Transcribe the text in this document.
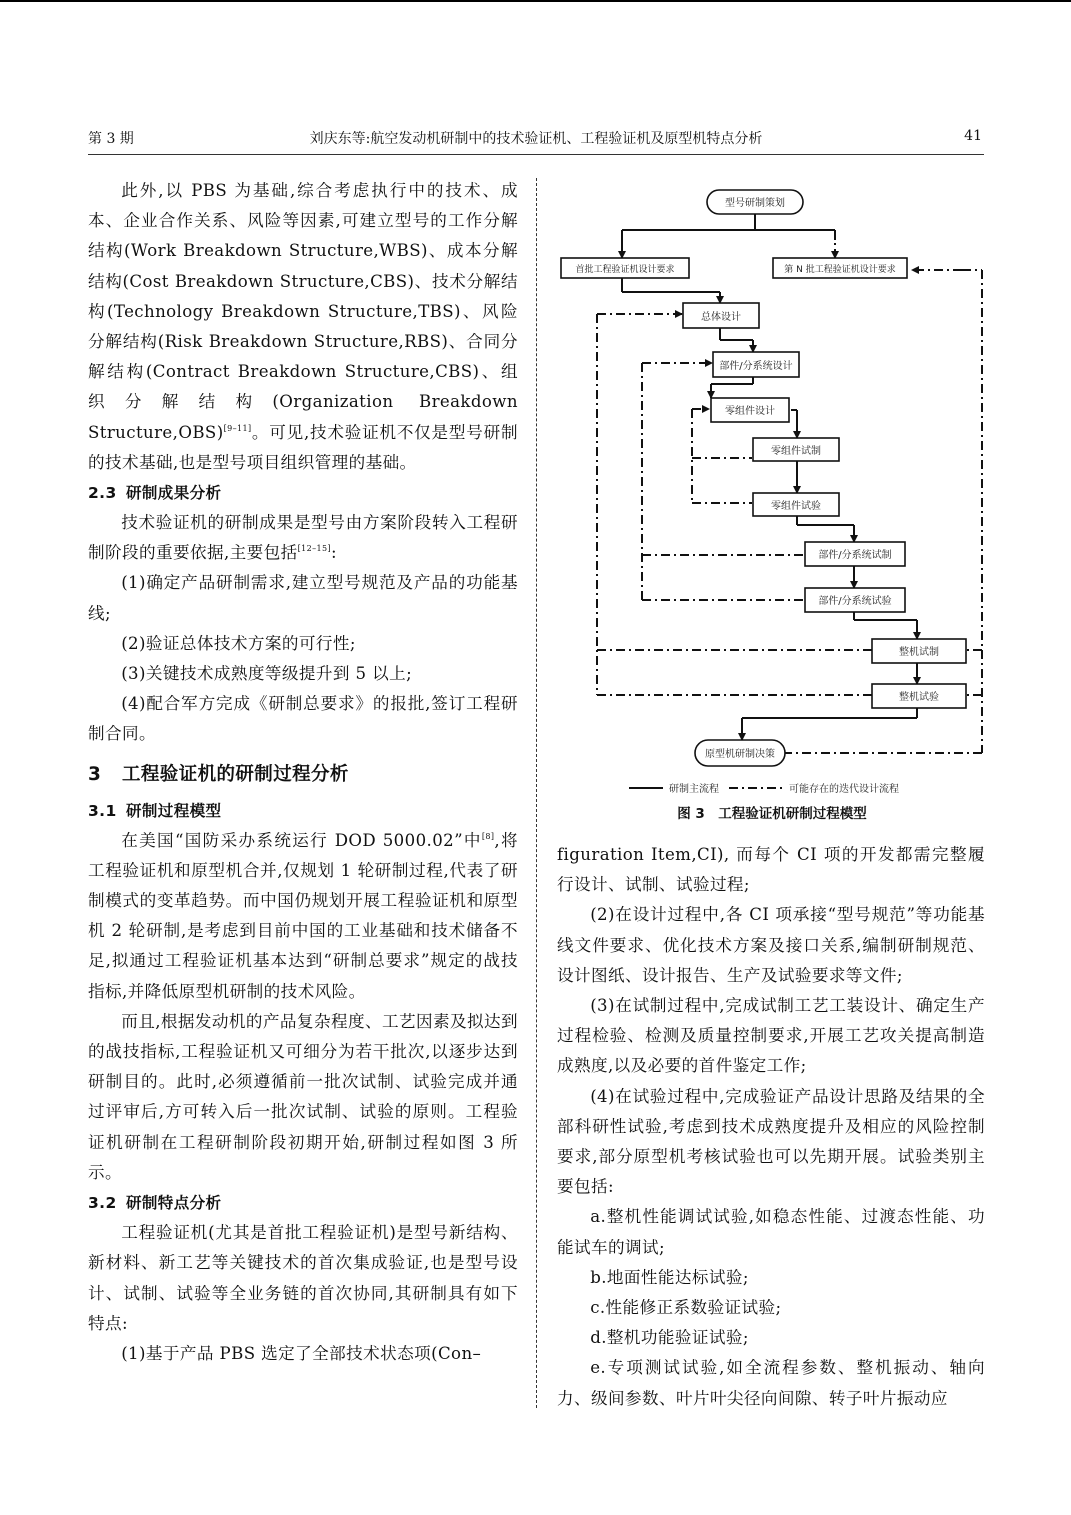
第 3 期	刘庆东等:航空发动机研制中的技术验证机、工程验证机及原型机特点分析	41

此外,以 PBS 为基础,综合考虑执行中的技术、成本、企业合作关系、风险等因素,可建立型号的工作分解结构(Work Breakdown Structure,WBS)、成本分解结构(Cost Breakdown Structure,CBS)、技术分解结构(Technology Breakdown Structure,TBS)、风险分解结构(Risk Breakdown Structure,RBS)、合同分解结构(Contract Breakdown Structure,CBS)、组织分解结构(Organization Breakdown Structure,OBS)[9–11]。可见,技术验证机不仅是型号研制的技术基础,也是型号项目组织管理的基础。

2.3 研制成果分析

技术验证机的研制成果是型号由方案阶段转入工程研制阶段的重要依据,主要包括[12–15]:

(1)确定产品研制需求,建立型号规范及产品的功能基线;

(2)验证总体技术方案的可行性;

(3)关键技术成熟度等级提升到 5 以上;

(4)配合军方完成《研制总要求》的报批,签订工程研制合同。

3 工程验证机的研制过程分析
3.1 研制过程模型

在美国“国防采办系统运行 DOD 5000.02”中[8],将工程验证机和原型机合并,仅规划 1 轮研制过程,代表了研制模式的变革趋势。而中国仍规划开展工程验证机和原型机 2 轮研制,是考虑到目前中国的工业基础和技术储备不足,拟通过工程验证机基本达到“研制总要求”规定的战技指标,并降低原型机研制的技术风险。

而且,根据发动机的产品复杂程度、工艺因素及拟达到的战技指标,工程验证机又可细分为若干批次,以逐步达到研制目的。此时,必须遵循前一批次试制、试验完成并通过评审后,方可转入后一批次试制、试验的原则。工程验证机研制在工程研制阶段初期开始,研制过程如图 3 所示。

3.2 研制特点分析

工程验证机(尤其是首批工程验证机)是型号新结构、新材料、新工艺等关键技术的首次集成验证,也是型号设计、试制、试验等全业务链的首次协同,其研制具有如下特点:

(1)基于产品 PBS 选定了全部技术状态项(Con–

型号研制策划
首批工程验证机设计要求	第 N 批工程验证机设计要求
总体设计
部件/分系统设计
零组件设计
零组件试制
零组件试验
部件/分系统试制
部件/分系统试验
整机试制
整机试验
原型机研制决策
研制主流程	可能存在的迭代设计流程
图 3　工程验证机研制过程模型

figuration Item,CI), 而每个 CI 项的开发都需完整履行设计、试制、试验过程;

(2)在设计过程中,各 CI 项承接“型号规范”等功能基线文件要求、优化技术方案及接口关系,编制研制规范、设计图纸、设计报告、生产及试验要求等文件;

(3)在试制过程中,完成试制工艺工装设计、确定生产过程检验、检测及质量控制要求,开展工艺攻关提高制造成熟度,以及必要的首件鉴定工作;

(4)在试验过程中,完成验证产品设计思路及结果的全部科研性试验,考虑到技术成熟度提升及相应的风险控制要求,部分原型机考核试验也可以先期开展。试验类别主要包括:

a.整机性能调试试验,如稳态性能、过渡态性能、功能试车的调试;

b.地面性能达标试验;

c.性能修正系数验证试验;

d.整机功能验证试验;

e.专项测试试验,如全流程参数、整机振动、轴向力、级间参数、叶片叶尖径向间隙、转子叶片振动应
